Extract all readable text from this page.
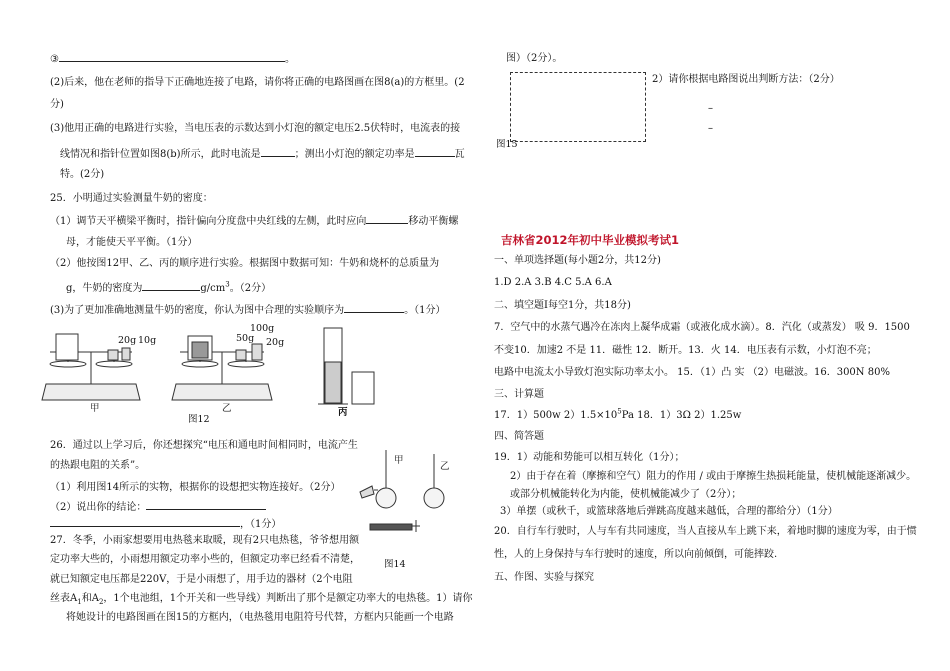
③	。
(2)后来，他在老师的指导下正确地连接了电路，请你将正确的电路图画在图8(a)的方框里。(2
分)
(3)他用正确的电路进行实验，当电压表的示数达到小灯泡的额定电压2.5伏特时，电流表的接
线情况和指针位置如图8(b)所示，此时电流是	；测出小灯泡的额定功率是	瓦
特。(2分)
25．小明通过实验测量牛奶的密度：
（1）调节天平横梁平衡时，指针偏向分度盘中央红线的左侧，此时应向	移动平衡螺
母，才能使天平平衡。（1分）
（2）他按图12甲、乙、丙的顺序进行实验。根据图中数据可知：牛奶和烧杯的总质量为
g，牛奶的密度为	$g/cm^3$。（2分）
(3)为了更加准确地测量牛奶的密度，你认为图中合理的实验顺序为	。（1分）
20g 10g	50g
100g
20g
甲	乙	丙
图12
26．通过以上学习后，你还想探究“电压和通电时间相同时，电流产生
的热跟电阻的关系”。
（1）利用图14所示的实物，根据你的设想把实物连接好。（2分）
（2）说出你的结论：
，（1分）
甲
乙
27．冬季，小雨家想要用电热毯来取暖，现有2只电热毯，爷爷想用额
定功率大些的，小雨想用额定功率小些的，但额定功率已经看不清楚，	图14
就已知额定电压都是220V，于是小雨想了，用手边的器材（2个电阻
丝表$A_1$和$A_2$，1个电池组，1个开关和一些导线）判断出了那个是额定功率大的电热毯。1）请你
将她设计的电路图画在图15的方框内，（电热毯用电阻符号代替，方框内只能画一个电路
图）（2分）。
2）请你根据电路图说出判断方法：（2分）
–
–
图15
吉林省2012年初中毕业模拟考试1
一、单项选择题(每小题2分，共12分)
1.D 2.A 3.B 4.C 5.A 6.A
二、填空题I每空1分，共18分)
7．空气中的水蒸气遇冷在冻肉上凝华成霜（或液化成水滴）。8．汽化（或蒸发） 吸 9．1500
不变10．加速2 不是 11．磁性 12．断开。13．火 14．电压表有示数，小灯泡不亮；
电路中电流太小导致灯泡实际功率太小。 15．（1）凸 实 （2）电磁波。16．300N 80%
三、计算题
17．1）500w $2)1.5\times 10^5Pa$ 18．1）3Ω 2）1.25w
四、简答题
19．1）动能和势能可以相互转化（1分）；
2）由于存在着（摩擦和空气）阻力的作用 / 或由于摩擦生热损耗能量，使机械能逐渐减少。
或部分机械能转化为内能，使机械能减少了（2分）；
3）单摆（或秋千，或篮球落地后弹跳高度越来越低，合理的都给分）（1分）
20．自行车行驶时，人与车有共同速度，当人直接从车上跳下来，着地时脚的速度为零，由于惯
性，人的上身保持与车行驶时的速度，所以向前倾倒，可能摔跤.
五、作图、实验与探究
